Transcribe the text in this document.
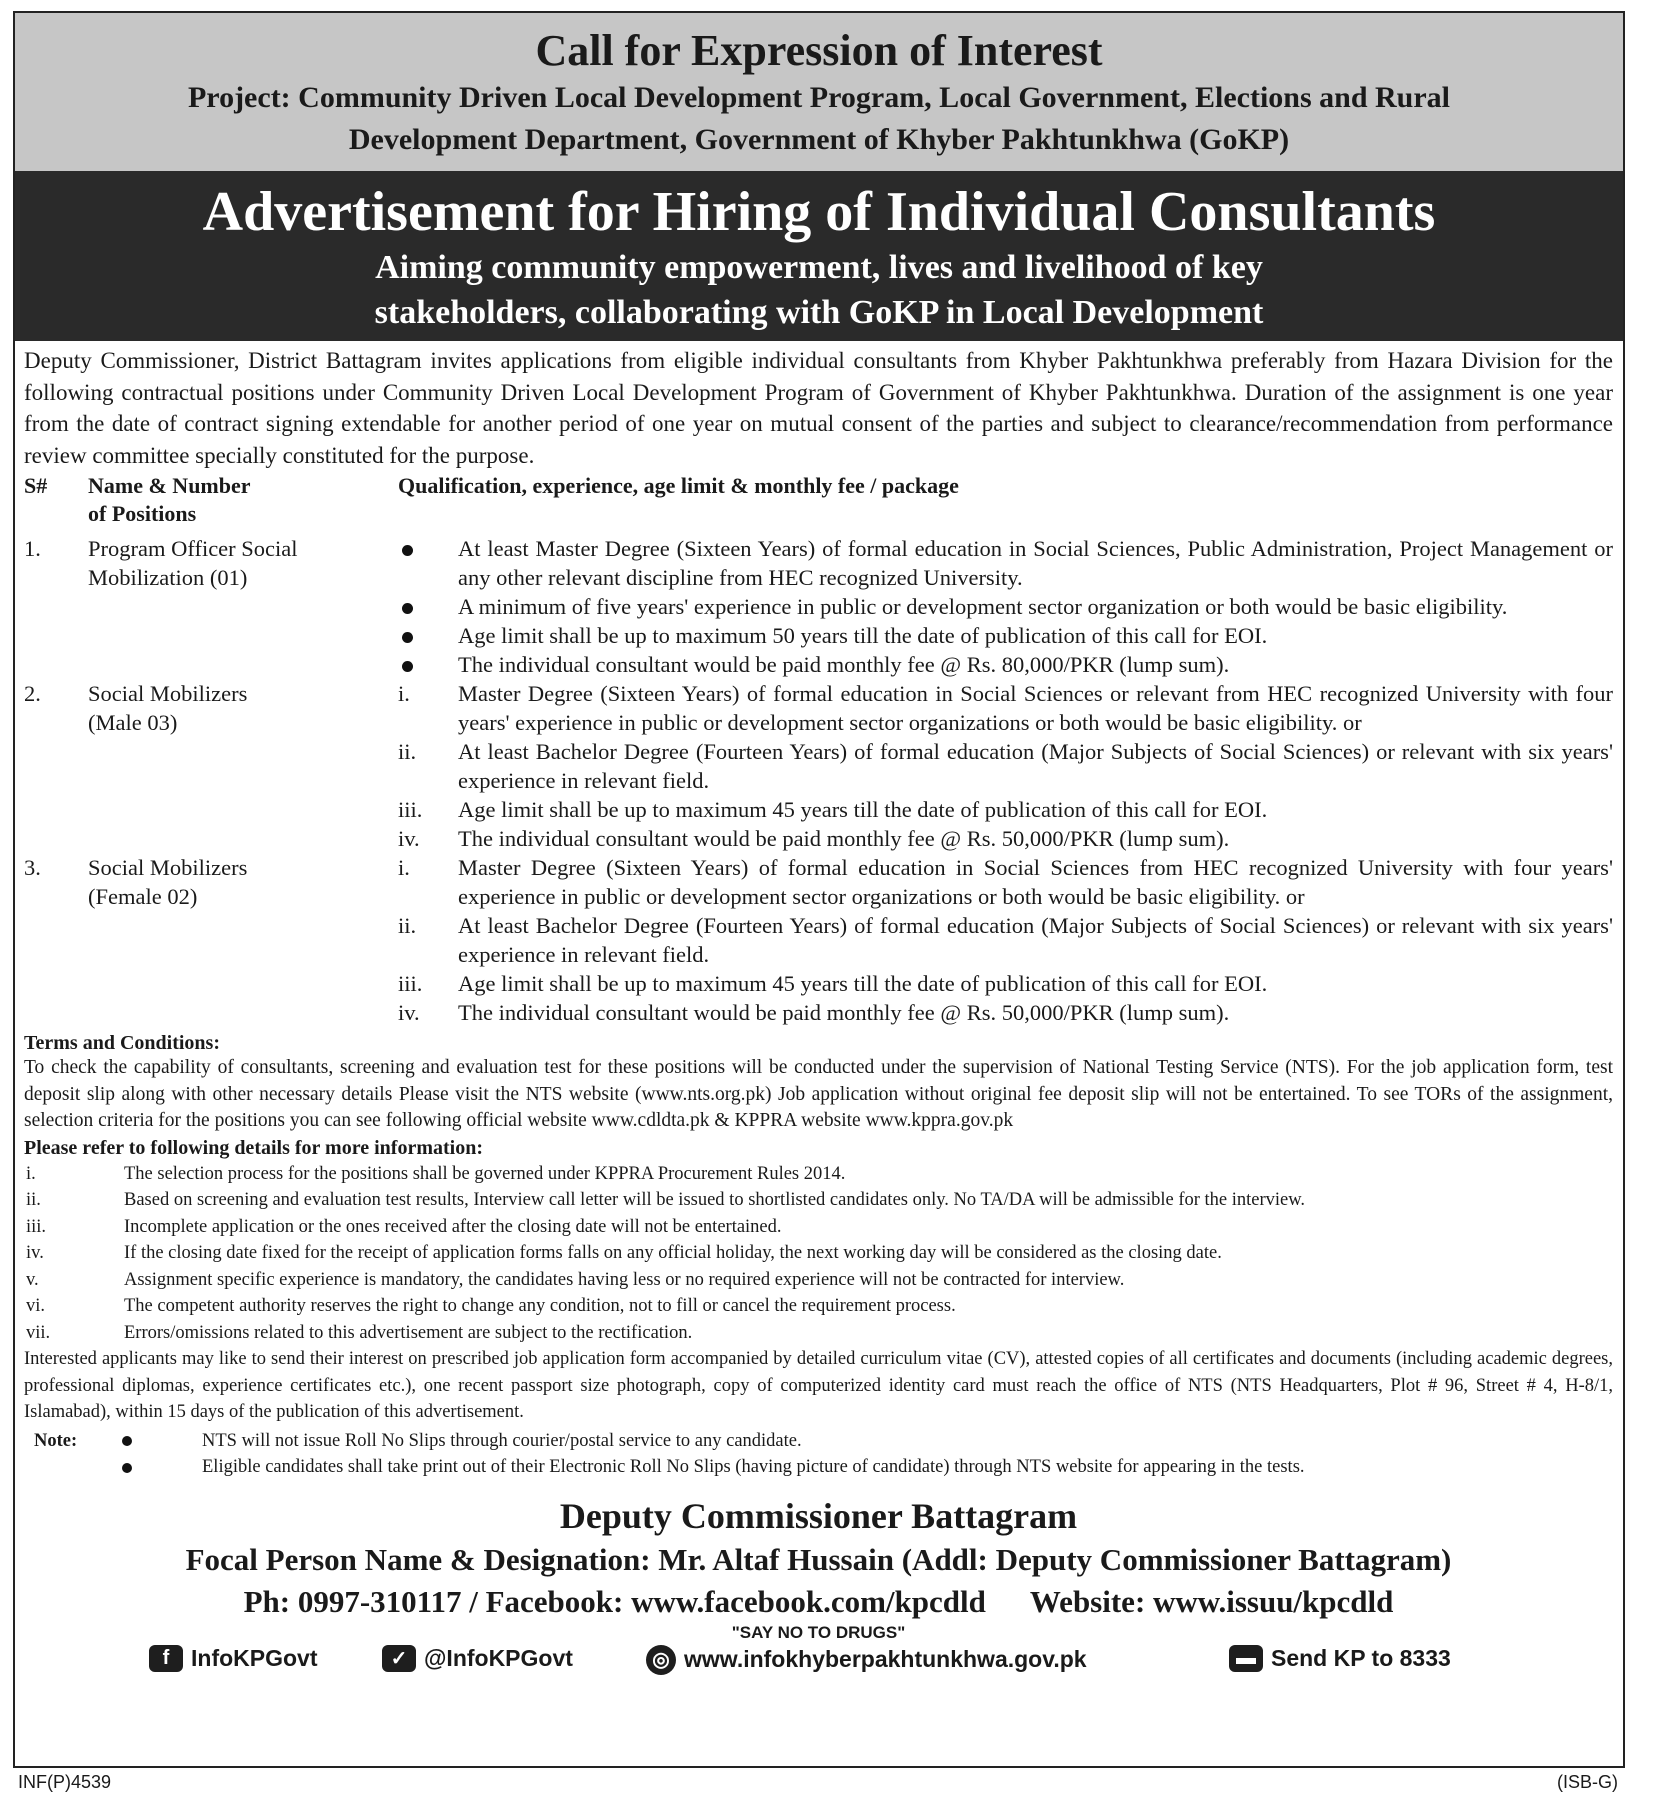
Call for Expression of Interest
Project: Community Driven Local Development Program, Local Government, Elections and Rural
Development Department, Government of Khyber Pakhtunkhwa (GoKP)
Advertisement for Hiring of Individual Consultants
Aiming community empowerment, lives and livelihood of key
stakeholders, collaborating with GoKP in Local Development
Deputy Commissioner, District Battagram invites applications from eligible individual consultants from Khyber Pakhtunkhwa preferably from Hazara Division for the following contractual positions under Community Driven Local Development Program of Government of Khyber Pakhtunkhwa. Duration of the assignment is one year from the date of contract signing extendable for another period of one year on mutual consent of the parties and subject to clearance/recommendation from performance review committee specially constituted for the purpose.
S#	Name & Number
of Positions
Qualification, experience, age limit & monthly fee / package
1.	Program Officer Social
Mobilization (01)
At least Master Degree (Sixteen Years) of formal education in Social Sciences, Public Administration, Project Management or any other relevant discipline from HEC recognized University.
A minimum of five years' experience in public or development sector organization or both would be basic eligibility.
Age limit shall be up to maximum 50 years till the date of publication of this call for EOI.
The individual consultant would be paid monthly fee @ Rs. 80,000/PKR (lump sum).
2.	Social Mobilizers
(Male 03)
i.	Master Degree (Sixteen Years) of formal education in Social Sciences or relevant from HEC recognized University with four years' experience in public or development sector organizations or both would be basic eligibility. or
ii.	At least Bachelor Degree (Fourteen Years) of formal education (Major Subjects of Social Sciences) or relevant with six years' experience in relevant field.
iii.	Age limit shall be up to maximum 45 years till the date of publication of this call for EOI.
iv.	The individual consultant would be paid monthly fee @ Rs. 50,000/PKR (lump sum).
3.	Social Mobilizers
(Female 02)
i.	Master Degree (Sixteen Years) of formal education in Social Sciences from HEC recognized University with four years' experience in public or development sector organizations or both would be basic eligibility. or
ii.	At least Bachelor Degree (Fourteen Years) of formal education (Major Subjects of Social Sciences) or relevant with six years' experience in relevant field.
iii.	Age limit shall be up to maximum 45 years till the date of publication of this call for EOI.
iv.	The individual consultant would be paid monthly fee @ Rs. 50,000/PKR (lump sum).
Terms and Conditions:
To check the capability of consultants, screening and evaluation test for these positions will be conducted under the supervision of National Testing Service (NTS). For the job application form, test deposit slip along with other necessary details Please visit the NTS website (www.nts.org.pk) Job application without original fee deposit slip will not be entertained. To see TORs of the assignment, selection criteria for the positions you can see following official website www.cdldta.pk & KPPRA website www.kppra.gov.pk
Please refer to following details for more information:
i.	The selection process for the positions shall be governed under KPPRA Procurement Rules 2014.
ii.	Based on screening and evaluation test results, Interview call letter will be issued to shortlisted candidates only. No TA/DA will be admissible for the interview.
iii.	Incomplete application or the ones received after the closing date will not be entertained.
iv.	If the closing date fixed for the receipt of application forms falls on any official holiday, the next working day will be considered as the closing date.
v.	Assignment specific experience is mandatory, the candidates having less or no required experience will not be contracted for interview.
vi.	The competent authority reserves the right to change any condition, not to fill or cancel the requirement process.
vii.	Errors/omissions related to this advertisement are subject to the rectification.
Interested applicants may like to send their interest on prescribed job application form accompanied by detailed curriculum vitae (CV), attested copies of all certificates and documents (including academic degrees, professional diplomas, experience certificates etc.), one recent passport size photograph, copy of computerized identity card must reach the office of NTS (NTS Headquarters, Plot # 96, Street # 4, H-8/1, Islamabad), within 15 days of the publication of this advertisement.
Note:	NTS will not issue Roll No Slips through courier/postal service to any candidate.
Eligible candidates shall take print out of their Electronic Roll No Slips (having picture of candidate) through NTS website for appearing in the tests.
Deputy Commissioner Battagram
Focal Person Name & Designation: Mr. Altaf Hussain (Addl: Deputy Commissioner Battagram)
Ph: 0997-310117 / Facebook: www.facebook.com/kpcdld Website: www.issuu/kpcdld
"SAY NO TO DRUGS"
f InfoKPGovt	✓ @InfoKPGovt	◎ www.infokhyberpakhtunkhwa.gov.pk	▬ Send KP to 8333
INF(P)4539	(ISB-G)
